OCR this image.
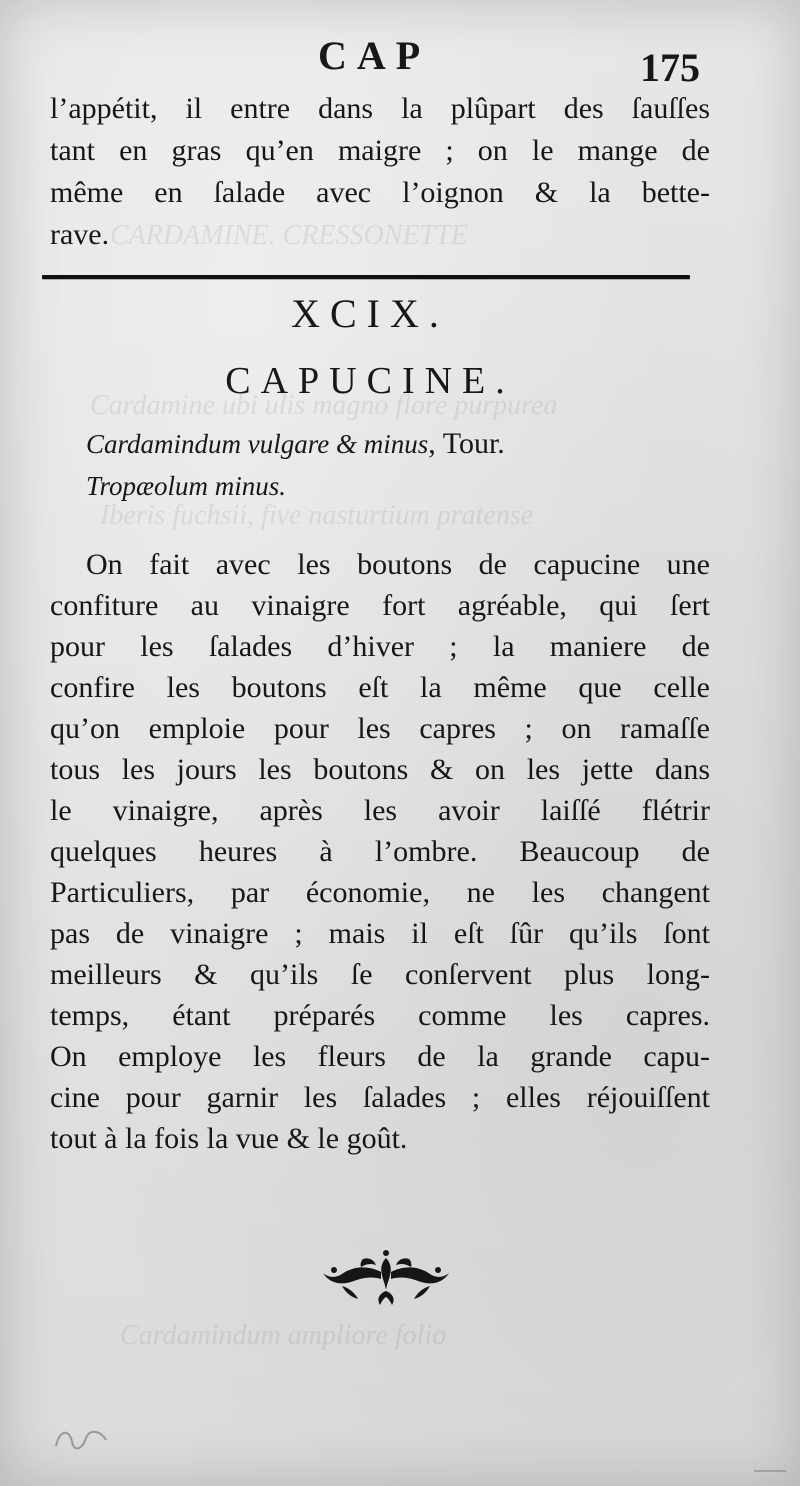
CARDAMINE. CRESSONETTE
Cardamine ubi ulis magno flore purpurea
Iberis fuchsii, five nasturtium pratense
Cardamindum ampliore folio
CAP	175
l’appétit, il entre dans la plûpart des ſauſſes
tant en gras qu’en maigre ; on le mange de
même en ſalade avec l’oignon & la bette-
rave.
XCIX.
CAPUCINE.
Cardamindum vulgare & minus, Tour.
Tropæolum minus.
On fait avec les boutons de capucine une
confiture au vinaigre fort agréable, qui ſert
pour les ſalades d’hiver ; la maniere de
confire les boutons eſt la même que celle
qu’on emploie pour les capres ; on ramaſſe
tous les jours les boutons & on les jette dans
le vinaigre, après les avoir laiſſé flétrir
quelques heures à l’ombre. Beaucoup de
Particuliers, par économie, ne les changent
pas de vinaigre ; mais il eſt ſûr qu’ils ſont
meilleurs & qu’ils ſe conſervent plus long-
temps, étant préparés comme les capres.
On employe les fleurs de la grande capu-
cine pour garnir les ſalades ; elles réjouiſſent
tout à la fois la vue & le goût.
